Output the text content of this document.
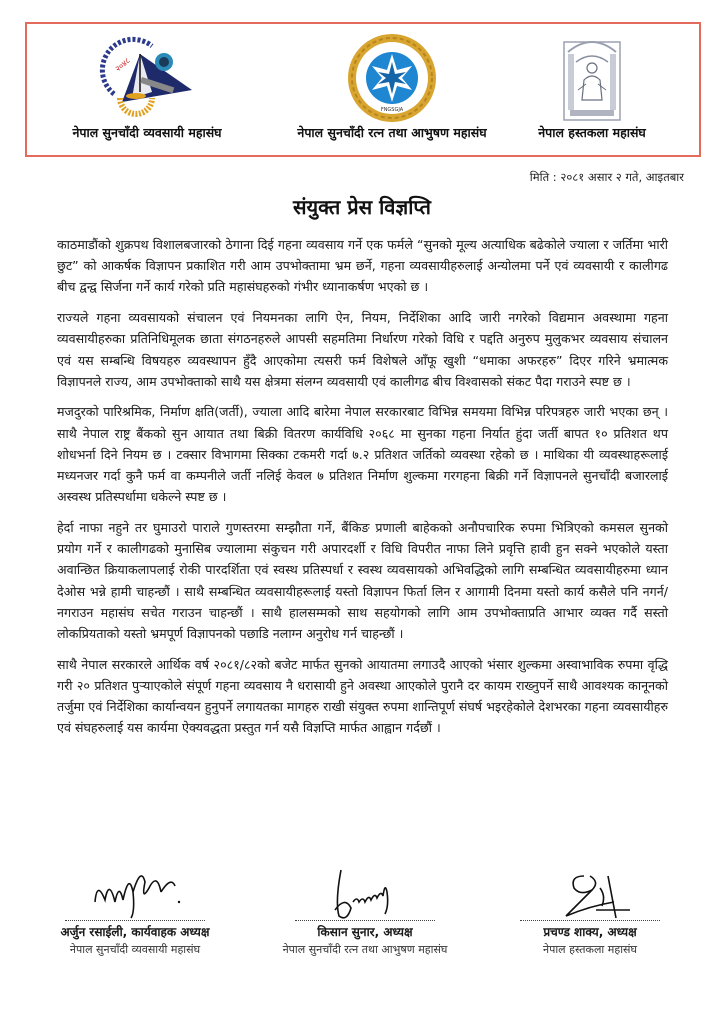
२०४८
नेपाल सुनचाँदी व्यवसायी महासंघ
FNGSGJA
नेपाल सुनचाँदी रत्न तथा आभुषण महासंघ	नेपाल हस्तकला महासंघ
मिति : २०८१ असार २ गते, आइतबार
संयुक्त प्रेस विज्ञप्ति

काठमाडौंको शुक्रपथ विशालबजारको ठेगाना दिई गहना व्यवसाय गर्ने एक फर्मले “सुनको मूल्य अत्याधिक बढेकोले ज्याला र जर्तिमा भारी छुट” को आकर्षक विज्ञापन प्रकाशित गरी आम उपभोक्तामा भ्रम छर्ने, गहना व्यवसायीहरुलाई अन्योलमा पर्ने एवं व्यवसायी र कालीगढ बीच द्वन्द्व सिर्जना गर्ने कार्य गरेको प्रति महासंघहरुको गंभीर ध्यानाकर्षण भएको छ ।

राज्यले गहना व्यवसायको संचालन एवं नियमनका लागि ऐन, नियम, निर्देशिका आदि जारी नगरेको विद्यमान अवस्थामा गहना व्यवसायीहरुका प्रतिनिधिमूलक छाता संगठनहरुले आपसी सहमतिमा निर्धारण गरेको विधि र पद्दति अनुरुप मुलुकभर व्यवसाय संचालन एवं यस सम्बन्धि विषयहरु व्यवस्थापन हुँदै आएकोमा त्यसरी फर्म विशेषले आँफू खुशी “धमाका अफरहरु” दिएर गरिने भ्रमात्मक विज्ञापनले राज्य, आम उपभोक्ताको साथै यस क्षेत्रमा संलग्न व्यवसायी एवं कालीगढ बीच विश्वासको संकट पैदा गराउने स्पष्ट छ ।

मजदुरको पारिश्रमिक, निर्माण क्षति(जर्ती), ज्याला आदि बारेमा नेपाल सरकारबाट विभिन्न समयमा विभिन्न परिपत्रहरु जारी भएका छन् । साथै नेपाल राष्ट्र बैंकको सुन आयात तथा बिक्री वितरण कार्यविधि २०६८ मा सुनका गहना निर्यात हुंदा जर्ती बापत १० प्रतिशत थप शोधभर्ना दिने नियम छ । टक्सार विभागमा सिक्का टकमरी गर्दा ७.२ प्रतिशत जर्तिको व्यवस्था रहेको छ । माथिका यी व्यवस्थाहरूलाई मध्यनजर गर्दा कुनै फर्म वा कम्पनीले जर्ती नलिई केवल ७ प्रतिशत निर्माण शुल्कमा गरगहना बिक्री गर्ने विज्ञापनले सुनचाँदी बजारलाई अस्वस्थ प्रतिस्पर्धामा धकेल्ने स्पष्ट छ ।

हेर्दा नाफा नहुने तर घुमाउरो पाराले गुणस्तरमा सम्झौता गर्ने, बैंकिङ प्रणाली बाहेकको अनौपचारिक रुपमा भित्रिएको कमसल सुनको प्रयोग गर्ने र कालीगढको मुनासिब ज्यालामा संकुचन गरी अपारदर्शी र विधि विपरीत नाफा लिने प्रवृत्ति हावी हुन सक्ने भएकोले यस्ता अवान्छित क्रियाकलापलाई रोकी पारदर्शिता एवं स्वस्थ प्रतिस्पर्धा र स्वस्थ व्यवसायको अभिवद्धिको लागि सम्बन्धित व्यवसायीहरुमा ध्यान देओस भन्ने हामी चाहन्छौं । साथै सम्बन्धित व्यवसायीहरूलाई यस्तो विज्ञापन फिर्ता लिन र आगामी दिनमा यस्तो कार्य कसैले पनि नगर्न/नगराउन महासंघ सचेत गराउन चाहन्छौं । साथै हालसम्मको साथ सहयोगको लागि आम उपभोक्ताप्रति आभार व्यक्त गर्दै सस्तो लोकप्रियताको यस्तो भ्रमपूर्ण विज्ञापनको पछाडि नलाग्न अनुरोध गर्न चाहन्छौं ।

साथै नेपाल सरकारले आर्थिक वर्ष २०८१/८२को बजेट मार्फत सुनको आयातमा लगाउदै आएको भंसार शुल्कमा अस्वाभाविक रुपमा वृद्धि गरी २० प्रतिशत पुऱ्याएकोले संपूर्ण गहना व्यवसाय नै धरासायी हुने अवस्था आएकोले पुरानै दर कायम राख्नुपर्ने साथै आवश्यक कानूनको तर्जुमा एवं निर्देशिका कार्यान्वयन हुनुपर्ने लगायतका मागहरु राखी संयुक्त रुपमा शान्तिपूर्ण संघर्ष भइरहेकोले देशभरका गहना व्यवसायीहरु एवं संघहरुलाई यस कार्यमा ऐक्यवद्धता प्रस्तुत गर्न यसै विज्ञप्ति मार्फत आह्वान गर्दछौं ।

अर्जुन रसाईली, कार्यवाहक अध्यक्ष
नेपाल सुनचाँदी व्यवसायी महासंघ
किसान सुनार, अध्यक्ष
नेपाल सुनचाँदी रत्न तथा आभुषण महासंघ
प्रचण्ड शाक्य, अध्यक्ष
नेपाल हस्तकला महासंघ
